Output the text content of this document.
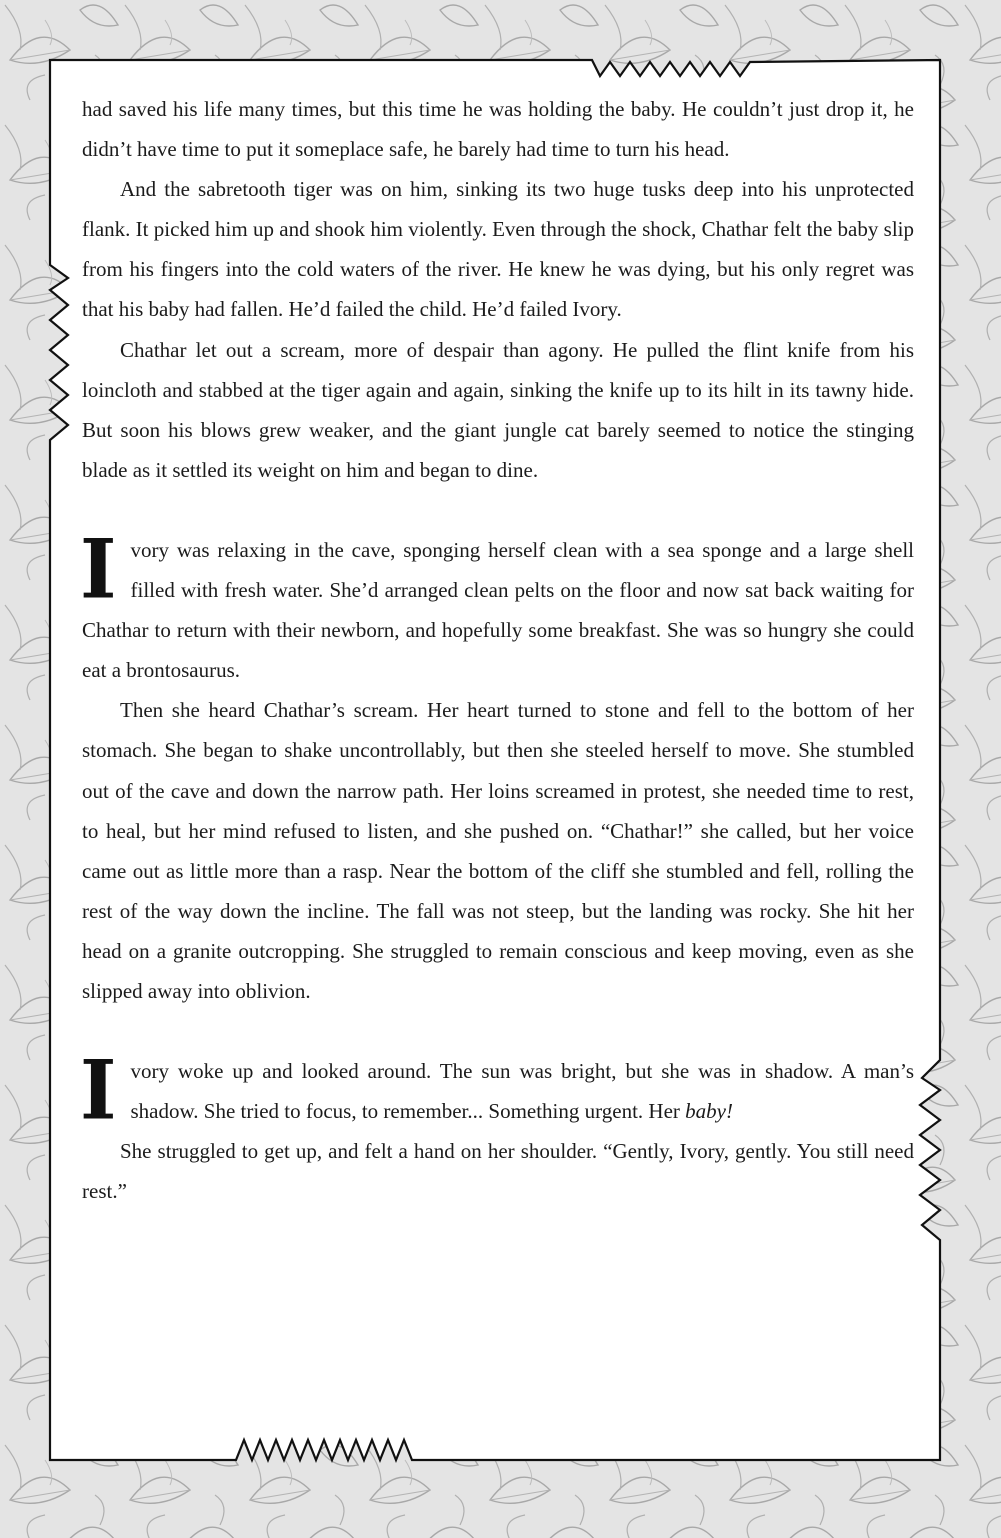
had saved his life many times, but this time he was holding the baby. He couldn’t just drop it, he didn’t have time to put it someplace safe, he barely had time to turn his head.

And the sabretooth tiger was on him, sinking its two huge tusks deep into his unprotected flank. It picked him up and shook him violently. Even through the shock, Chathar felt the baby slip from his fingers into the cold waters of the river. He knew he was dying, but his only regret was that his baby had fallen. He’d failed the child. He’d failed Ivory.

Chathar let out a scream, more of despair than agony. He pulled the flint knife from his loincloth and stabbed at the tiger again and again, sinking the knife up to its hilt in its tawny hide. But soon his blows grew weaker, and the giant jungle cat barely seemed to notice the stinging blade as it settled its weight on him and began to dine.

Ivory was relaxing in the cave, sponging herself clean with a sea sponge and a large shell filled with fresh water. She’d arranged clean pelts on the floor and now sat back waiting for Chathar to return with their newborn, and hopefully some breakfast. She was so hungry she could eat a brontosaurus.

Then she heard Chathar’s scream. Her heart turned to stone and fell to the bottom of her stomach. She began to shake uncontrollably, but then she steeled herself to move. She stumbled out of the cave and down the narrow path. Her loins screamed in protest, she needed time to rest, to heal, but her mind refused to listen, and she pushed on. “Chathar!” she called, but her voice came out as little more than a rasp. Near the bottom of the cliff she stumbled and fell, rolling the rest of the way down the incline. The fall was not steep, but the landing was rocky. She hit her head on a granite outcropping. She struggled to remain conscious and keep moving, even as she slipped away into oblivion.

Ivory woke up and looked around. The sun was bright, but she was in shadow. A man’s shadow. She tried to focus, to remember... Something urgent. Her baby!

She struggled to get up, and felt a hand on her shoulder. “Gently, Ivory, gently. You still need rest.”
